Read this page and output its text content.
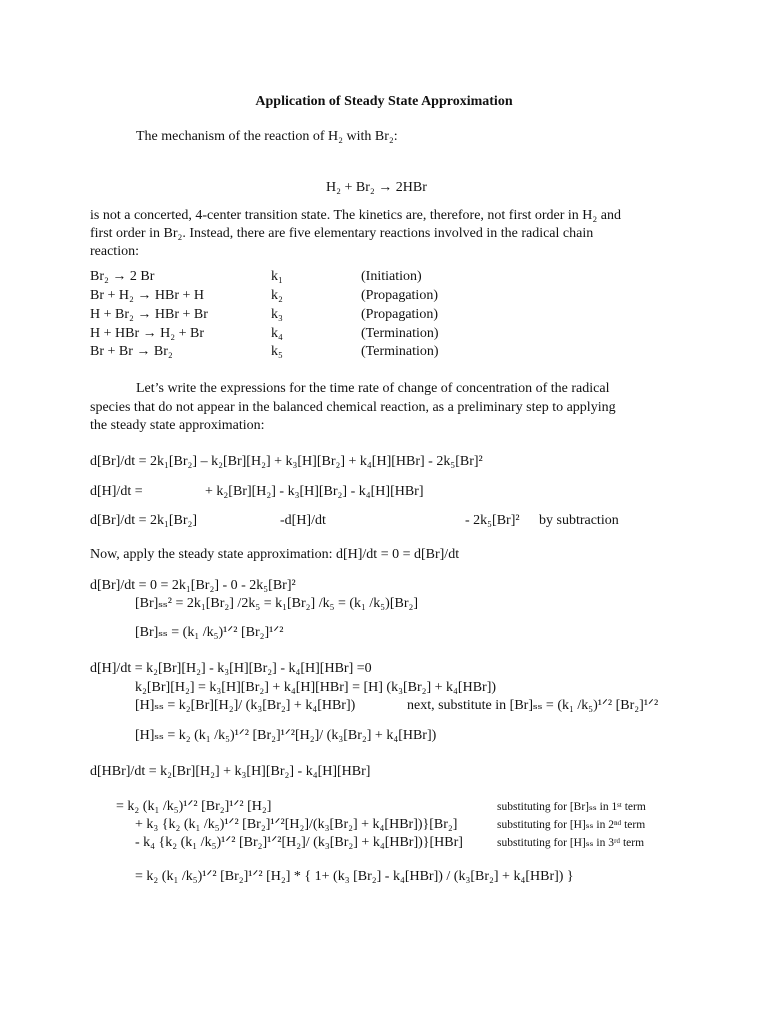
Application of Steady State Approximation
The mechanism of the reaction of H₂ with Br₂:
H₂ + Br₂ → 2HBr
is not a concerted, 4-center transition state. The kinetics are, therefore, not first order in H₂ and
first order in Br₂. Instead, there are five elementary reactions involved in the radical chain
reaction:
Br₂ → 2 Br	k₁	(Initiation)
Br + H₂ → HBr + H	k₂	(Propagation)
H + Br₂ → HBr + Br	k₃	(Propagation)
H + HBr → H₂ + Br	k₄	(Termination)
Br + Br → Br₂	k₅	(Termination)
Let’s write the expressions for the time rate of change of concentration of the radical
species that do not appear in the balanced chemical reaction, as a preliminary step to applying
the steady state approximation:
d[Br]/dt = 2k₁[Br₂] – k₂[Br][H₂] + k₃[H][Br₂] + k₄[H][HBr] - 2k₅[Br]²
d[H]/dt =	+ k₂[Br][H₂] - k₃[H][Br₂] - k₄[H][HBr]
d[Br]/dt = 2k₁[Br₂]	-d[H]/dt	- 2k₅[Br]² by subtraction
Now, apply the steady state approximation: d[H]/dt = 0 = d[Br]/dt
d[Br]/dt = 0 = 2k₁[Br₂] - 0 - 2k₅[Br]²
[Br]ₛₛ² = 2k₁[Br₂] /2k₅ = k₁[Br₂] /k₅ = (k₁ /k₅)[Br₂]
[Br]ₛₛ = (k₁ /k₅)¹ᐟ² [Br₂]¹ᐟ²
d[H]/dt = k₂[Br][H₂] - k₃[H][Br₂] - k₄[H][HBr] =0
k₂[Br][H₂] = k₃[H][Br₂] + k₄[H][HBr] = [H] (k₃[Br₂] + k₄[HBr])
[H]ₛₛ = k₂[Br][H₂]/ (k₃[Br₂] + k₄[HBr])	next, substitute in [Br]ₛₛ = (k₁ /k₅)¹ᐟ² [Br₂]¹ᐟ²
[H]ₛₛ = k₂ (k₁ /k₅)¹ᐟ² [Br₂]¹ᐟ²[H₂]/ (k₃[Br₂] + k₄[HBr])
d[HBr]/dt = k₂[Br][H₂] + k₃[H][Br₂] - k₄[H][HBr]
= k₂ (k₁ /k₅)¹ᐟ² [Br₂]¹ᐟ² [H₂]	substituting for [Br]ₛₛ in 1ˢᵗ term
+ k₃ {k₂ (k₁ /k₅)¹ᐟ² [Br₂]¹ᐟ²[H₂]/(k₃[Br₂] + k₄[HBr])}[Br₂]	substituting for [H]ₛₛ in 2ⁿᵈ term
- k₄ {k₂ (k₁ /k₅)¹ᐟ² [Br₂]¹ᐟ²[H₂]/ (k₃[Br₂] + k₄[HBr])}[HBr]	substituting for [H]ₛₛ in 3ʳᵈ term
= k₂ (k₁ /k₅)¹ᐟ² [Br₂]¹ᐟ² [H₂] * { 1+ (k₃ [Br₂] - k₄[HBr]) / (k₃[Br₂] + k₄[HBr]) }
